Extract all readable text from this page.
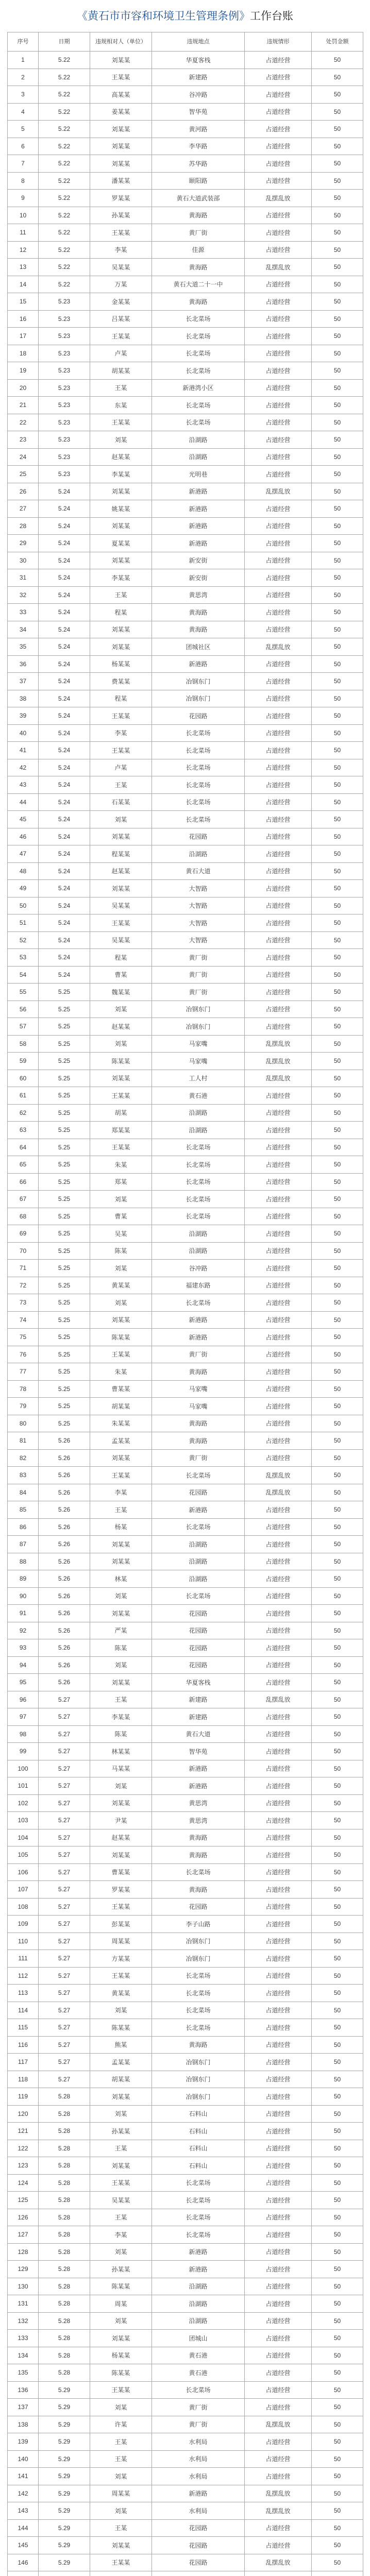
《黄石市市容和环境卫生管理条例》工作台账
序号	日期	违规相对人（单位）	违规地点	违规情形	处罚金额
1	5.22	刘某某	华夏客栈	占道经营	50
2	5.22	王某某	新建路	占道经营	50
3	5.22	高某某	谷冲路	占道经营	50
4	5.22	姜某某	智华苑	占道经营	50
5	5.22	刘某某	黄河路	占道经营	50
6	5.22	刘某某	李华路	占道经营	50
7	5.22	刘某某	苏华路	占道经营	50
8	5.22	潘某某	颐阳路	占道经营	50
9	5.22	罗某某	黄石大道武装部	乱摆乱放	50
10	5.22	孙某某	黄海路	占道经营	50
11	5.22	王某某	黄厂街	占道经营	50
12	5.22	李某	佳源	占道经营	50
13	5.22	吴某某	黄海路	乱摆乱放	50
14	5.22	万某	黄石大道二十一中	占道经营	50
15	5.23	金某某	黄海路	占道经营	50
16	5.23	吕某某	长北菜场	占道经营	50
17	5.23	王某某	长北菜场	占道经营	50
18	5.23	卢某	长北菜场	占道经营	50
19	5.23	胡某某	长北菜场	占道经营	50
20	5.23	王某	新港湾小区	占道经营	50
21	5.23	东某	长北菜场	占道经营	50
22	5.23	王某某	长北菜场	占道经营	50
23	5.23	刘某	沿湖路	占道经营	50
24	5.23	赵某某	沿湖路	占道经营	50
25	5.23	李某某	光明巷	占道经营	50
26	5.24	刘某某	新港路	乱摆乱放	50
27	5.24	姚某某	新港路	占道经营	50
28	5.24	刘某某	新港路	占道经营	50
29	5.24	夏某某	新港路	占道经营	50
30	5.24	刘某某	新安街	占道经营	50
31	5.24	李某某	新安街	占道经营	50
32	5.24	王某	黄思湾	占道经营	50
33	5.24	程某	黄海路	占道经营	50
34	5.24	刘某某	黄海路	占道经营	50
35	5.24	刘某某	团城社区	乱摆乱放	50
36	5.24	杨某某	新港路	占道经营	50
37	5.24	费某某	冶钢东门	占道经营	50
38	5.24	程某	冶钢东门	占道经营	50
39	5.24	王某某	花园路	占道经营	50
40	5.24	李某	长北菜场	占道经营	50
41	5.24	王某某	长北菜场	占道经营	50
42	5.24	卢某	长北菜场	占道经营	50
43	5.24	王某	长北菜场	占道经营	50
44	5.24	石某某	长北菜场	占道经营	50
45	5.24	刘某	长北菜场	占道经营	50
46	5.24	刘某某	花园路	占道经营	50
47	5.24	程某某	沿湖路	占道经营	50
48	5.24	赵某某	黄石大道	占道经营	50
49	5.24	刘某某	大智路	占道经营	50
50	5.24	吴某某	大智路	占道经营	50
51	5.24	王某某	大智路	占道经营	50
52	5.24	吴某某	大智路	占道经营	50
53	5.24	程某	黄厂街	占道经营	50
54	5.24	曹某	黄厂街	占道经营	50
55	5.25	魏某某	黄厂街	占道经营	50
56	5.25	刘某	冶钢东门	占道经营	50
57	5.25	赵某某	冶钢东门	占道经营	50
58	5.25	刘某	马家嘴	乱摆乱放	50
59	5.25	陈某某	马家嘴	乱摆乱放	50
60	5.25	刘某某	工人村	乱摆乱放	50
61	5.25	王某某	黄石港	占道经营	50
62	5.25	胡某	沿湖路	占道经营	50
63	5.25	郑某某	沿湖路	占道经营	50
64	5.25	王某某	长北菜场	占道经营	50
65	5.25	朱某	长北菜场	占道经营	50
66	5.25	郑某	长北菜场	占道经营	50
67	5.25	刘某	长北菜场	占道经营	50
68	5.25	曹某	长北菜场	占道经营	50
69	5.25	吴某	沿湖路	占道经营	50
70	5.25	陈某	沿湖路	占道经营	50
71	5.25	刘某	谷冲路	占道经营	50
72	5.25	黄某某	福建东路	占道经营	50
73	5.25	刘某	长北菜场	占道经营	50
74	5.25	刘某某	新港路	占道经营	50
75	5.25	陈某某	新港路	占道经营	50
76	5.25	王某某	黄厂街	占道经营	50
77	5.25	朱某	黄海路	占道经营	50
78	5.25	曹某某	马家嘴	占道经营	50
79	5.25	胡某某	马家嘴	占道经营	50
80	5.25	朱某某	黄海路	占道经营	50
81	5.26	孟某某	黄海路	占道经营	50
82	5.26	刘某某	黄厂街	占道经营	50
83	5.26	王某某	长北菜场	乱摆乱放	50
84	5.26	李某	花园路	乱摆乱放	50
85	5.26	王某	新港路	占道经营	50
86	5.26	杨某	长北菜场	占道经营	50
87	5.26	刘某某	沿湖路	占道经营	50
88	5.26	刘某某	沿湖路	占道经营	50
89	5.26	林某	沿湖路	占道经营	50
90	5.26	刘某	长北菜场	占道经营	50
91	5.26	刘某某	花园路	占道经营	50
92	5.26	严某	花园路	占道经营	50
93	5.26	陈某	花园路	占道经营	50
94	5.26	刘某	花园路	占道经营	50
95	5.26	刘某某	华夏客栈	占道经营	50
96	5.27	王某	新建路	乱摆乱放	50
97	5.27	李某某	新建路	占道经营	50
98	5.27	陈某	黄石大道	占道经营	50
99	5.27	林某某	智华苑	占道经营	50
100	5.27	马某某	新港路	占道经营	50
101	5.27	刘某	新港路	占道经营	50
102	5.27	刘某某	黄思湾	占道经营	50
103	5.27	尹某	黄思湾	占道经营	50
104	5.27	赵某某	黄海路	占道经营	50
105	5.27	刘某某	黄海路	占道经营	50
106	5.27	曹某某	长北菜场	占道经营	50
107	5.27	罗某某	黄海路	占道经营	50
108	5.27	王某某	花园路	占道经营	50
109	5.27	彭某某	李子山路	占道经营	50
110	5.27	周某某	冶钢东门	占道经营	50
111	5.27	方某某	冶钢东门	占道经营	50
112	5.27	王某某	长北菜场	占道经营	50
113	5.27	黄某某	长北菜场	占道经营	50
114	5.27	刘某	长北菜场	占道经营	50
115	5.27	陈某某	长北菜场	占道经营	50
116	5.27	熊某	黄海路	占道经营	50
117	5.27	孟某某	冶钢东门	占道经营	50
118	5.27	胡某某	冶钢东门	占道经营	50
119	5.28	刘某某	冶钢东门	占道经营	50
120	5.28	刘某	石料山	占道经营	50
121	5.28	孙某某	石料山	占道经营	50
122	5.28	王某	石料山	占道经营	50
123	5.28	刘某某	石料山	占道经营	50
124	5.28	王某某	长北菜场	占道经营	50
125	5.28	吴某某	长北菜场	占道经营	50
126	5.28	王某	长北菜场	占道经营	50
127	5.28	李某	长北菜场	占道经营	50
128	5.28	刘某	新港路	占道经营	50
129	5.28	孙某某	新港路	占道经营	50
130	5.28	陈某某	沿湖路	占道经营	50
131	5.28	周某	沿湖路	占道经营	50
132	5.28	刘某	沿湖路	占道经营	50
133	5.28	刘某某	团城山	占道经营	50
134	5.28	杨某某	黄石港	占道经营	50
135	5.28	陈某某	黄石港	占道经营	50
136	5.29	王某某	长北菜场	占道经营	50
137	5.29	刘某	黄厂街	占道经营	50
138	5.29	许某	黄厂街	乱摆乱放	50
139	5.29	王某	水利局	占道经营	50
140	5.29	王某	水利局	占道经营	50
141	5.29	刘某	水利局	占道经营	50
142	5.29	周某某	新港路	乱摆乱放	50
143	5.29	刘某	水利局	乱摆乱放	50
144	5.29	王某	花园路	占道经营	50
145	5.29	刘某某	花园路	占道经营	50
146	5.29	王某某	花园路	乱摆乱放	50
